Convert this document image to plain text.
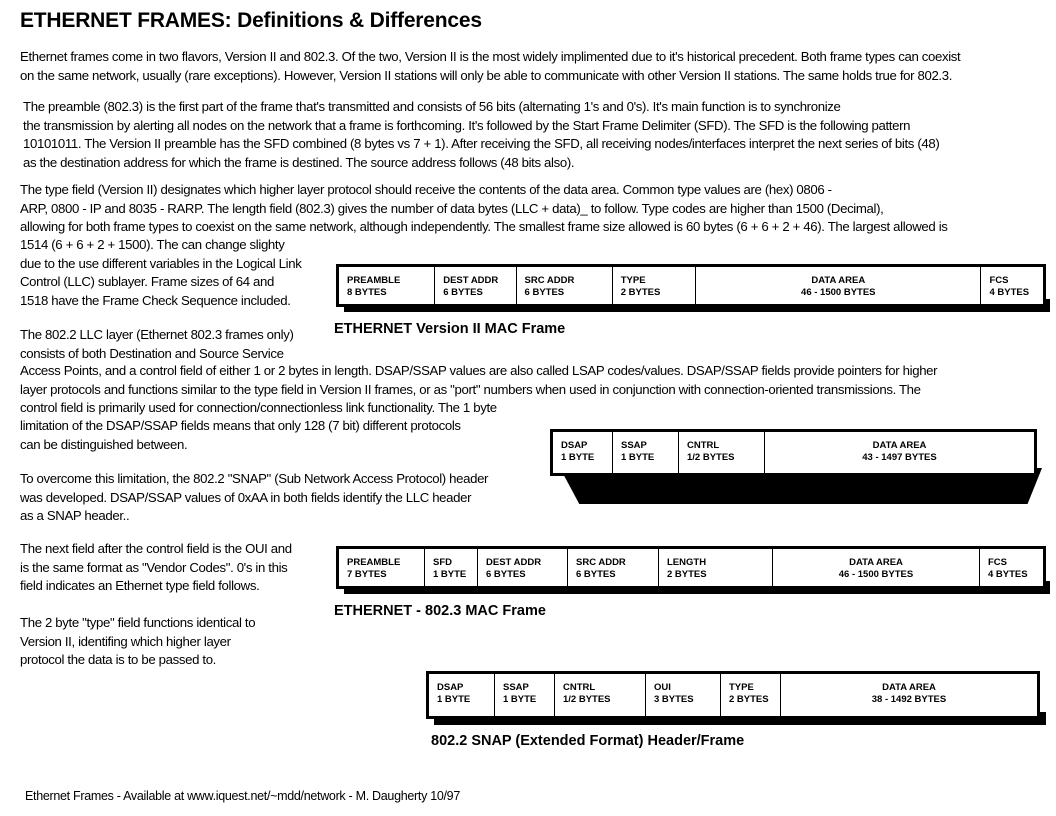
ETHERNET FRAMES: Definitions & Differences
Ethernet frames come in two flavors, Version II and 802.3. Of the two, Version II is the most widely implimented due to it's historical precedent. Both frame types can coexist
on the same network, usually (rare exceptions). However, Version II stations will only be able to communicate with other Version II stations. The same holds true for 802.3.
The preamble (802.3) is the first part of the frame that's transmitted and consists of 56 bits (alternating 1's and 0's). It's main function is to synchronize
the transmission by alerting all nodes on the network that a frame is forthcoming. It's followed by the Start Frame Delimiter (SFD). The SFD is the following pattern
10101011. The Version II preamble has the SFD combined (8 bytes vs 7 + 1). After receiving the SFD, all receiving nodes/interfaces interpret the next series of bits (48)
as the destination address for which the frame is destined. The source address follows (48 bits also).
The type field (Version II) designates which higher layer protocol should receive the contents of the data area. Common type values are (hex) 0806 -
ARP, 0800 - IP and 8035 - RARP. The length field (802.3) gives the number of data bytes (LLC + data)_ to follow. Type codes are higher than 1500 (Decimal),
allowing for both frame types to coexist on the same network, although independently. The smallest frame size allowed is 60 bytes (6 + 6 + 2 + 46). The largest allowed is
1514 (6 + 6 + 2 + 1500). The can change slighty
due to the use different variables in the Logical Link
Control (LLC) sublayer. Frame sizes of 64 and
1518 have the Frame Check Sequence included.
The 802.2 LLC layer (Ethernet 802.3 frames only)
consists of both Destination and Source Service
Access Points, and a control field of either 1 or 2 bytes in length. DSAP/SSAP values are also called LSAP codes/values. DSAP/SSAP fields provide pointers for higher
layer protocols and functions similar to the type field in Version II frames, or as "port" numbers when used in conjunction with connection-oriented transmissions. The
control field is primarily used for connection/connectionless link functionality. The 1 byte
limitation of the DSAP/SSAP fields means that only 128 (7 bit) different protocols
can be distinguished between.
To overcome this limitation, the 802.2 "SNAP" (Sub Network Access Protocol) header
was developed. DSAP/SSAP values of 0xAA in both fields identify the LLC header
as a SNAP header..
The next field after the control field is the OUI and
is the same format as "Vendor Codes". 0's in this
field indicates an Ethernet type field follows.
The 2 byte "type" field functions identical to
Version II, identifing which higher layer
protocol the data is to be passed to.
PREAMBLE
8 BYTES
DEST ADDR
6 BYTES
SRC ADDR
6 BYTES
TYPE
2 BYTES
DATA AREA
46 - 1500 BYTES
FCS
4 BYTES
ETHERNET Version II MAC Frame
802.2 LLC Sublayer Header/Frame
DSAP
1 BYTE
SSAP
1 BYTE
CNTRL
1/2 BYTES
DATA AREA
43 - 1497 BYTES
PREAMBLE
7 BYTES
SFD
1 BYTE
DEST ADDR
6 BYTES
SRC ADDR
6 BYTES
LENGTH
2 BYTES
DATA AREA
46 - 1500 BYTES
FCS
4 BYTES
ETHERNET - 802.3 MAC Frame
DSAP
1 BYTE
SSAP
1 BYTE
CNTRL
1/2 BYTES
OUI
3 BYTES
TYPE
2 BYTES
DATA AREA
38 - 1492 BYTES
802.2 SNAP (Extended Format) Header/Frame
Ethernet Frames - Available at www.iquest.net/~mdd/network - M. Daugherty 10/97
